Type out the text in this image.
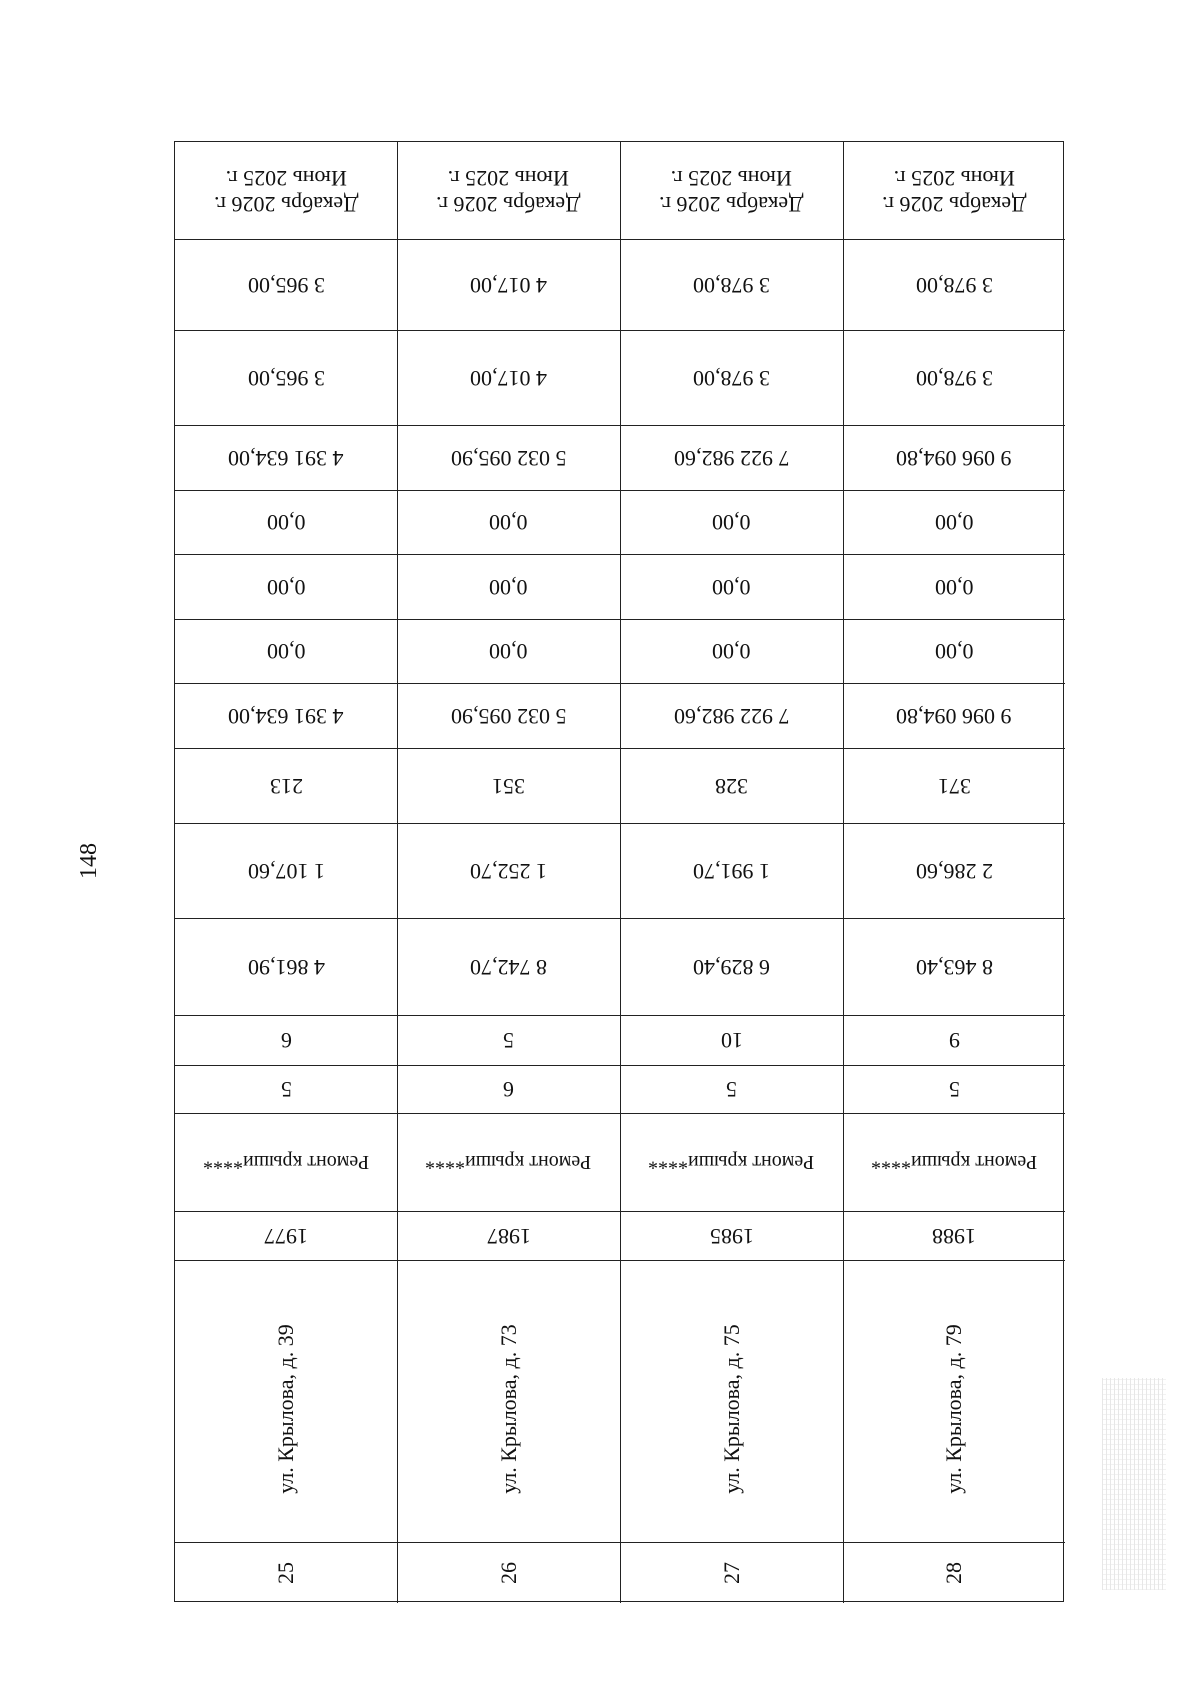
148
Декабрь 2026 г.
Июнь 2025 г.
3 965,00
3 965,00
4 391 634,00
0,00
0,00
0,00
4 391 634,00
213
1 107,60
4 861,90
6
5
Ремонт крыши****
1977
ул. Крылова, д. 39
25
Декабрь 2026 г.
Июнь 2025 г.
4 017,00
4 017,00
5 032 095,90
0,00
0,00
0,00
5 032 095,90
351
1 252,70
8 742,70
5
6
Ремонт крыши****
1987
ул. Крылова, д. 73
26
Декабрь 2026 г.
Июнь 2025 г.
3 978,00
3 978,00
7 922 982,60
0,00
0,00
0,00
7 922 982,60
328
1 991,70
6 829,40
10
5
Ремонт крыши****
1985
ул. Крылова, д. 75
27
Декабрь 2026 г.
Июнь 2025 г.
3 978,00
3 978,00
9 096 094,80
0,00
0,00
0,00
9 096 094,80
371
2 286,60
8 463,40
9
5
Ремонт крыши****
1988
ул. Крылова, д. 79
28
